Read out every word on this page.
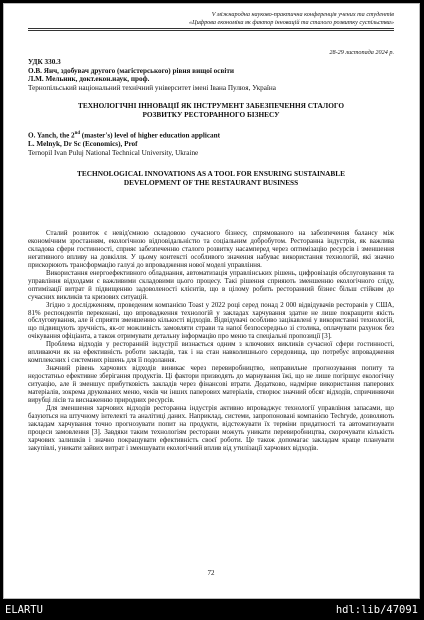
V міжнародна науково-практична конференція учених та студентів
«Цифрова економіка як фактор інновацій та сталого розвитку суспільства»
28-29 листопада 2024 р.
УДК 330.3
О.В. Янч, здобувач другого (магістерського) рівня вищої освіти
Л.М. Мельник, докт.екон.наук, проф.
Тернопільський національний технічний університет імені Івана Пулюя, Україна
ТЕХНОЛОГІЧНІ ІННОВАЦІЇ ЯК ІНСТРУМЕНТ ЗАБЕЗПЕЧЕННЯ СТАЛОГО
РОЗВИТКУ РЕСТОРАННОГО БІЗНЕСУ
O. Yanch, the 2nd (master's) level of higher education applicant
L. Melnyk, Dr Sc (Economics), Prof
Ternopil Ivan Puluj National Technical University, Ukraine
TECHNOLOGICAL INNOVATIONS AS A TOOL FOR ENSURING SUSTAINABLE
DEVELOPMENT OF THE RESTAURANT BUSINESS

Сталий розвиток є невід'ємною складовою сучасного бізнесу, спрямованого на забезпечення балансу між економічним зростанням, екологічною відповідальністю та соціальним добробутом. Ресторанна індустрія, як важлива складова сфери гостинності, сприяє забезпеченню сталого розвитку насамперед через оптимізацію ресурсів і зменшення негативного впливу на довкілля. У цьому контексті особливого значення набуває використання технологій, які значно прискорюють трансформацію галузі до впровадження нової моделі управління.

Використання енергоефективного обладнання, автоматизація управлінських рішень, цифровізація обслуговування та управління відходами є важливими складовими цього процесу. Такі рішення сприяють зменшенню екологічного сліду, оптимізації витрат й підвищенню задоволеності клієнтів, що в цілому робить ресторанний бізнес більш стійким до сучасних викликів та кризових ситуацій.

Згідно з дослідженням, проведеним компанією Toast у 2022 році серед понад 2 000 відвідувачів ресторанів у США, 81% респондентів переконані, що впровадження технологій у закладах харчування здатне не лише покращити якість обслуговування, але й сприяти зменшенню кількості відходів. Відвідувачі особливо зацікавлені у використанні технологій, що підвищують зручність, як-от можливість замовляти страви та напої безпосередньо зі столика, оплачувати рахунок без очікування офіціанта, а також отримувати детальну інформацію про меню та спеціальні пропозиції [3].

Проблема відходів у ресторанній індустрії визнається одним з ключових викликів сучасної сфери гостинності, впливаючи як на ефективність роботи закладів, так і на стан навколишнього середовища, що потребує впровадження комплексних і системних рішень для її подолання.

Значний рівень харчових відходів виникає через перевиробництво, неправильне прогнозування попиту та недостатньо ефективне зберігання продуктів. Ці фактори призводять до марнування їжі, що не лише погіршує екологічну ситуацію, але й зменшує прибутковість закладів через фінансові втрати. Додатково, надмірне використання паперових матеріалів, зокрема друкованих меню, чеків чи інших паперових матеріалів, створює значний обсяг відходів, спричиняючи вирубці лісів та виснаженню природних ресурсів.

Для зменшення харчових відходів ресторанна індустрія активно впроваджує технології управління запасами, що базуються на штучному інтелекті та аналітиці даних. Наприклад, системи, запропоновані компанією Techrydе, дозволяють закладам харчування точно прогнозувати попит на продукти, відстежувати їх терміни придатності та автоматизувати процеси замовлення [3]. Завдяки таким технологіям ресторани можуть уникати перевиробництва, скорочувати кількість харчових залишків і значно покращувати ефективність своєї роботи. Це також допомагає закладам краще планувати закупівлі, уникати зайвих витрат і зменшувати екологічний вплив від утилізації харчових відходів.

72
ELARTU	hdl:lib/47091
